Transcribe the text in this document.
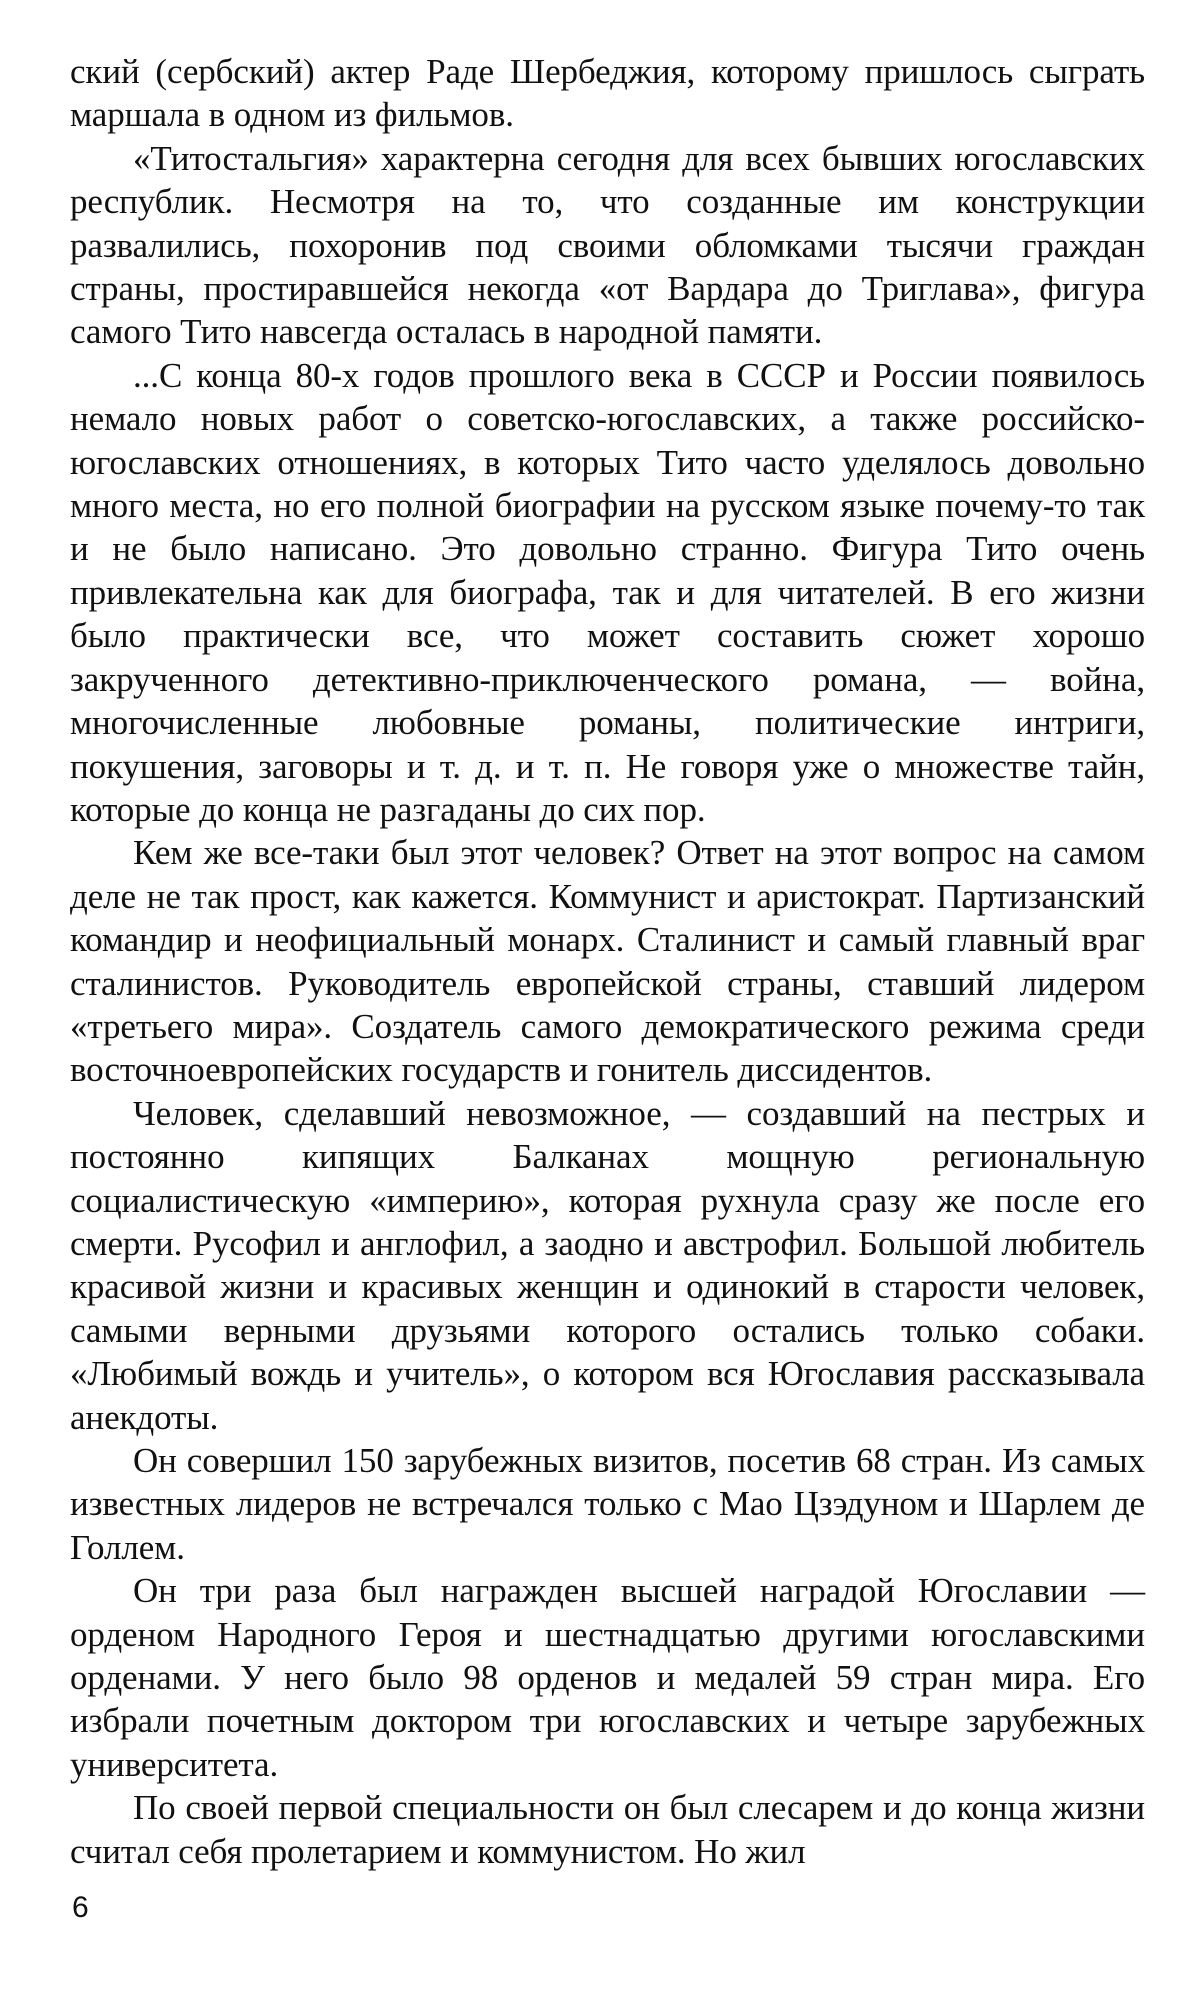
ский (сербский) актер Раде Шербеджия, которому пришлось сыграть маршала в одном из фильмов.

«Титостальгия» характерна сегодня для всех бывших югославских республик. Несмотря на то, что созданные им конструкции развалились, похоронив под своими обломками тысячи граждан страны, простиравшейся некогда «от Вардара до Триглава», фигура самого Тито навсегда осталась в народной памяти.

...С конца 80-х годов прошлого века в СССР и России появилось немало новых работ о советско-югославских, а также российско-югославских отношениях, в которых Тито часто уделялось довольно много места, но его полной биографии на русском языке почему-то так и не было написано. Это довольно странно. Фигура Тито очень привлекательна как для биографа, так и для читателей. В его жизни было практически все, что может составить сюжет хорошо закрученного детективно-приключенческого романа, — война, многочисленные любовные романы, политические интриги, покушения, заговоры и т. д. и т. п. Не говоря уже о множестве тайн, которые до конца не разгаданы до сих пор.

Кем же все-таки был этот человек? Ответ на этот вопрос на самом деле не так прост, как кажется. Коммунист и аристократ. Партизанский командир и неофициальный монарх. Сталинист и самый главный враг сталинистов. Руководитель европейской страны, ставший лидером «третьего мира». Создатель самого демократического режима среди восточноевропейских государств и гонитель диссидентов.

Человек, сделавший невозможное, — создавший на пестрых и постоянно кипящих Балканах мощную региональную социалистическую «империю», которая рухнула сразу же после его смерти. Русофил и англофил, а заодно и австрофил. Большой любитель красивой жизни и красивых женщин и одинокий в старости человек, самыми верными друзьями которого остались только собаки. «Любимый вождь и учитель», о котором вся Югославия рассказывала анекдоты.

Он совершил 150 зарубежных визитов, посетив 68 стран. Из самых известных лидеров не встречался только с Мао Цзэдуном и Шарлем де Голлем.

Он три раза был награжден высшей наградой Югославии — орденом Народного Героя и шестнадцатью другими югославскими орденами. У него было 98 орденов и медалей 59 стран мира. Его избрали почетным доктором три югославских и четыре зарубежных университета.

По своей первой специальности он был слесарем и до конца жизни считал себя пролетарием и коммунистом. Но жил

6
